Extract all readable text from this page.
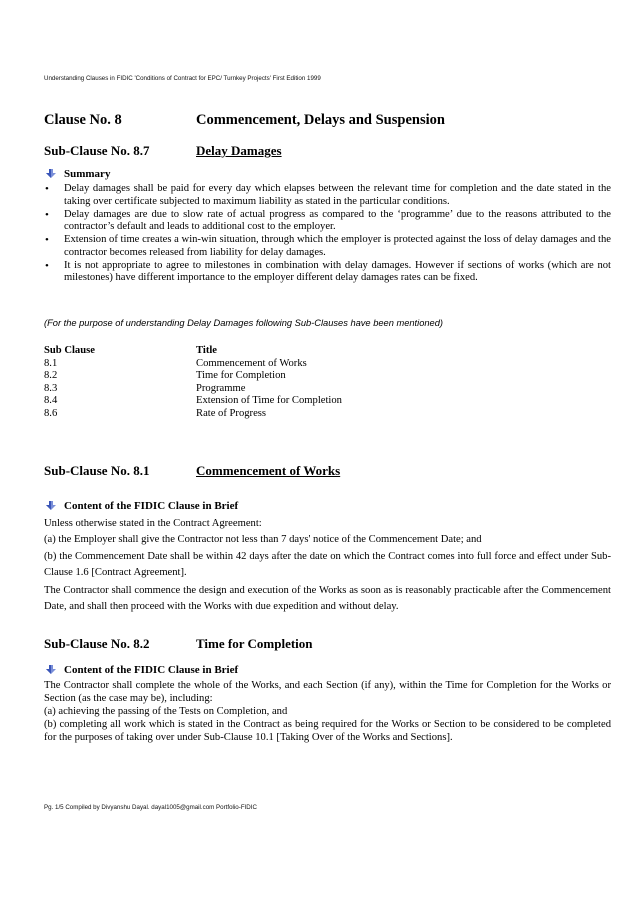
Understanding Clauses in FIDIC 'Conditions of Contract for EPC/ Turnkey Projects' First Edition 1999
Clause No. 8	Commencement, Delays and Suspension
Sub-Clause No. 8.7	Delay Damages
Summary
• Delay damages shall be paid for every day which elapses between the relevant time for completion and the date stated in the taking over certificate subjected to maximum liability as stated in the particular conditions.
• Delay damages are due to slow rate of actual progress as compared to the ‘programme’ due to the reasons attributed to the contractor’s default and leads to additional cost to the employer.
• Extension of time creates a win-win situation, through which the employer is protected against the loss of delay damages and the contractor becomes released from liability for delay damages.
• It is not appropriate to agree to milestones in combination with delay damages. However if sections of works (which are not milestones) have different importance to the employer different delay damages rates can be fixed.
(For the purpose of understanding Delay Damages following Sub-Clauses have been mentioned)
Sub Clause	Title
8.1	Commencement of Works
8.2	Time for Completion
8.3	Programme
8.4	Extension of Time for Completion
8.6	Rate of Progress
Sub-Clause No. 8.1	Commencement of Works
Content of the FIDIC Clause in Brief

Unless otherwise stated in the Contract Agreement:

(a) the Employer shall give the Contractor not less than 7 days' notice of the Commencement Date; and

(b) the Commencement Date shall be within 42 days after the date on which the Contract comes into full force and effect under Sub-Clause 1.6 [Contract Agreement].

The Contractor shall commence the design and execution of the Works as soon as is reasonably practicable after the Commencement Date, and shall then proceed with the Works with due expedition and without delay.
Sub-Clause No. 8.2	Time for Completion
Content of the FIDIC Clause in Brief

The Contractor shall complete the whole of the Works, and each Section (if any), within the Time for Completion for the Works or Section (as the case may be), including:

(a) achieving the passing of the Tests on Completion, and

(b) completing all work which is stated in the Contract as being required for the Works or Section to be considered to be completed for the purposes of taking over under Sub-Clause 10.1 [Taking Over of the Works and Sections].

Pg. 1/5 Compiled by Divyanshu Dayal. dayal1005@gmail.com Portfolio-FIDIC
